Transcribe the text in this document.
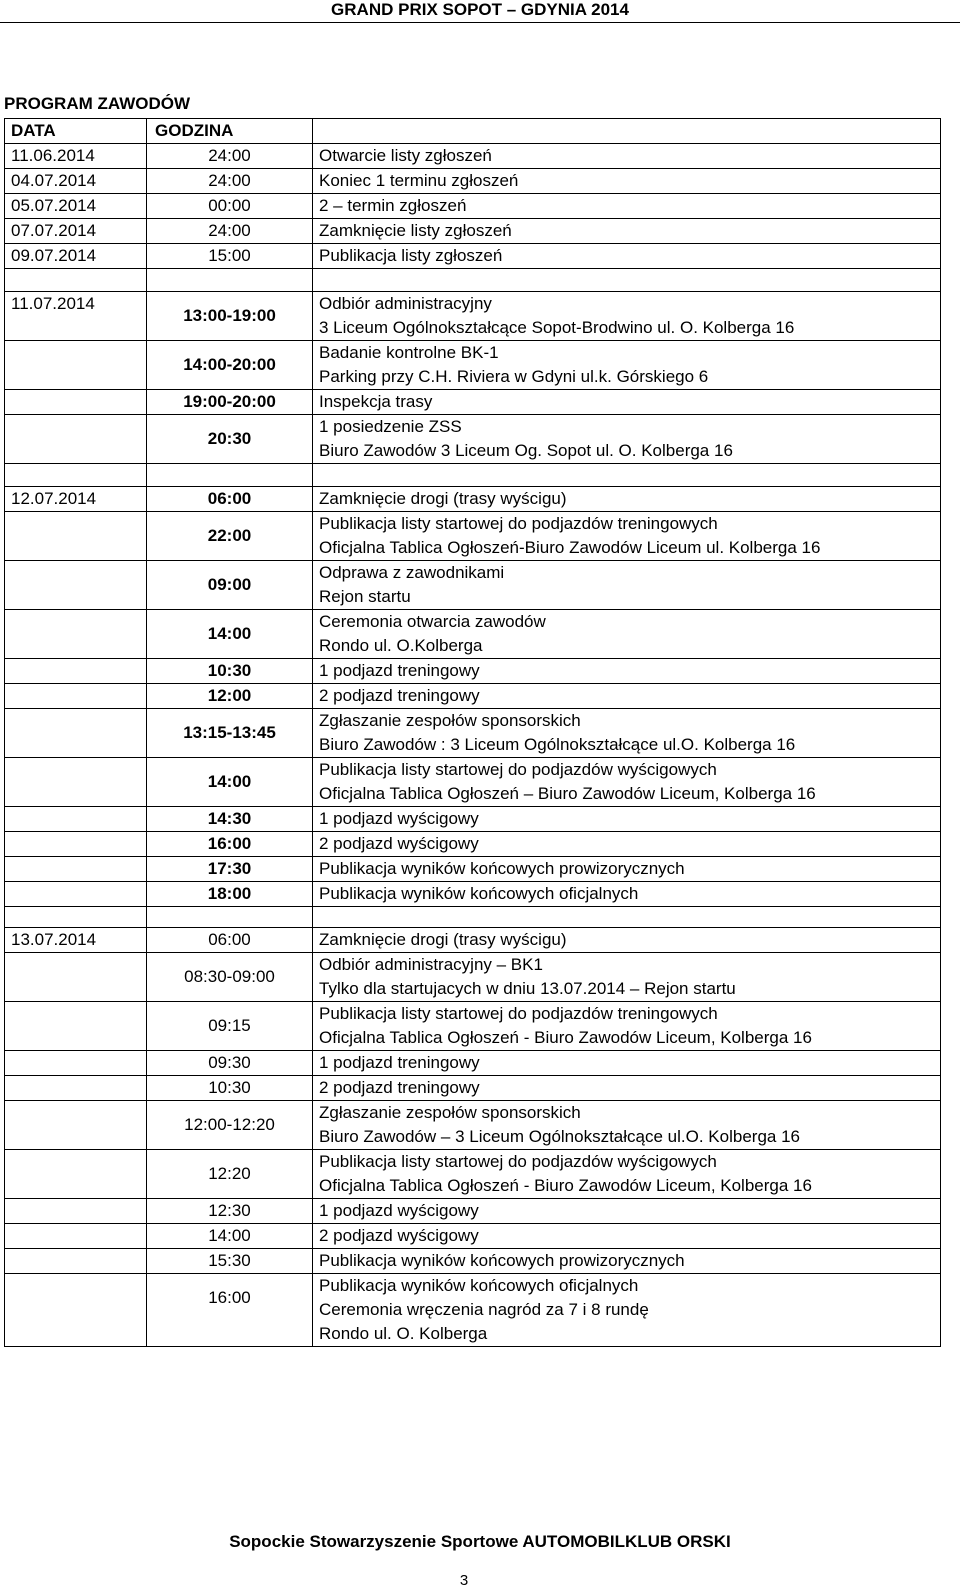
GRAND PRIX SOPOT – GDYNIA 2014
PROGRAM ZAWODÓW
DATA	GODZINA	
11.06.2014	24:00	Otwarcie listy zgłoszeń

04.07.2014	24:00	Koniec 1 terminu zgłoszeń

05.07.2014	00:00	2 – termin zgłoszeń

07.07.2014	24:00	Zamknięcie listy zgłoszeń

09.07.2014	15:00	Publikacja listy zgłoszeń

11.07.2014	13:00-19:00	Odbiór administracyjny
3 Liceum Ogólnokształcące Sopot-Brodwino ul. O. Kolberga 16

	14:00-20:00	Badanie kontrolne BK-1
Parking przy C.H. Riviera w Gdyni ul.k. Górskiego 6

	19:00-20:00	Inspekcja trasy

	20:30	1 posiedzenie ZSS
Biuro Zawodów 3 Liceum Og. Sopot ul. O. Kolberga 16

12.07.2014	06:00	Zamknięcie drogi (trasy wyścigu)

	22:00	Publikacja listy startowej do podjazdów treningowych
Oficjalna Tablica Ogłoszeń-Biuro Zawodów Liceum ul. Kolberga 16

	09:00	Odprawa z zawodnikami
Rejon startu

	14:00	Ceremonia otwarcia zawodów
Rondo ul. O.Kolberga

	10:30	1 podjazd treningowy

	12:00	2 podjazd treningowy

	13:15-13:45	Zgłaszanie zespołów sponsorskich
Biuro Zawodów : 3 Liceum Ogólnokształcące ul.O. Kolberga 16

	14:00	Publikacja listy startowej do podjazdów wyścigowych
Oficjalna Tablica Ogłoszeń – Biuro Zawodów Liceum, Kolberga 16

	14:30	1 podjazd wyścigowy

	16:00	2 podjazd wyścigowy

	17:30	Publikacja wyników końcowych prowizorycznych

	18:00	Publikacja wyników końcowych oficjalnych

13.07.2014	06:00	Zamknięcie drogi (trasy wyścigu)

	08:30-09:00	Odbiór administracyjny – BK1
Tylko dla startujacych w dniu 13.07.2014 – Rejon startu

	09:15	Publikacja listy startowej do podjazdów treningowych
Oficjalna Tablica Ogłoszeń - Biuro Zawodów Liceum, Kolberga 16

	09:30	1 podjazd treningowy

	10:30	2 podjazd treningowy

	12:00-12:20	Zgłaszanie zespołów sponsorskich
Biuro Zawodów – 3 Liceum Ogólnokształcące ul.O. Kolberga 16

	12:20	Publikacja listy startowej do podjazdów wyścigowych
Oficjalna Tablica Ogłoszeń - Biuro Zawodów Liceum, Kolberga 16

	12:30	1 podjazd wyścigowy

	14:00	2 podjazd wyścigowy

	15:30	Publikacja wyników końcowych prowizorycznych

	16:00	Publikacja wyników końcowych oficjalnych
Ceremonia wręczenia nagród za 7 i 8 rundę
Rondo ul. O. Kolberga
Sopockie Stowarzyszenie Sportowe AUTOMOBILKLUB ORSKI
3
